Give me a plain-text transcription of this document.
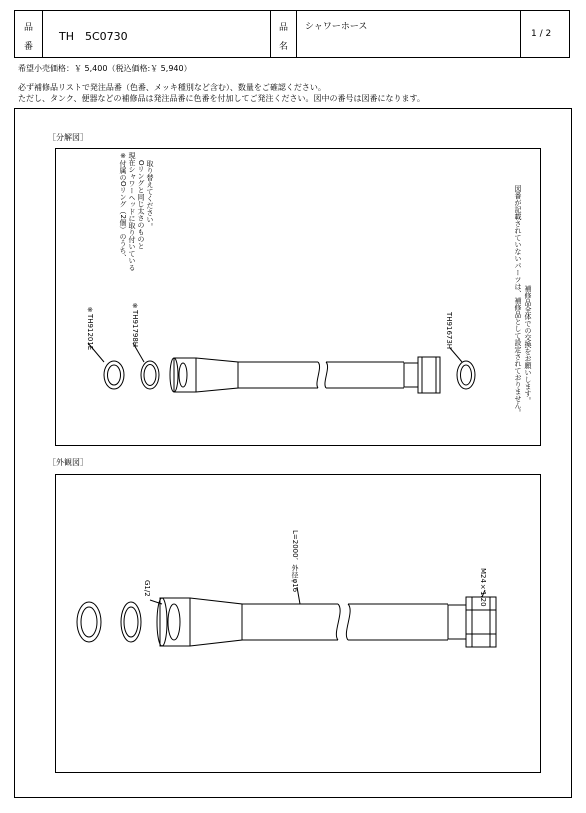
品
番
TH　5C0730
品
名
シャワーホース
1 / 2
希望小売価格：￥ 5,400（税込価格:￥ 5,940）
必ず補修品リストで発注品番（色番、メッキ種別など含む）、数量をご確認ください。
ただし、タンク、便器などの補修品は発注品番に色番を付加してご発注ください。図中の番号は図番になります。
［分解図］
※付属のOリング（2個）のうち、 現在シャワーヘッドに取り付いている Oリングと同じ太さのものと 取り替えてください。
※TH91201E	※TH91798H	TH91673H	図番が記載されていないパーツは、補修品として設定されておりません。 補修品全体での交換をお願いします。
［外観図］
G1/2	L=2000、外径φ16	M24×1.20
